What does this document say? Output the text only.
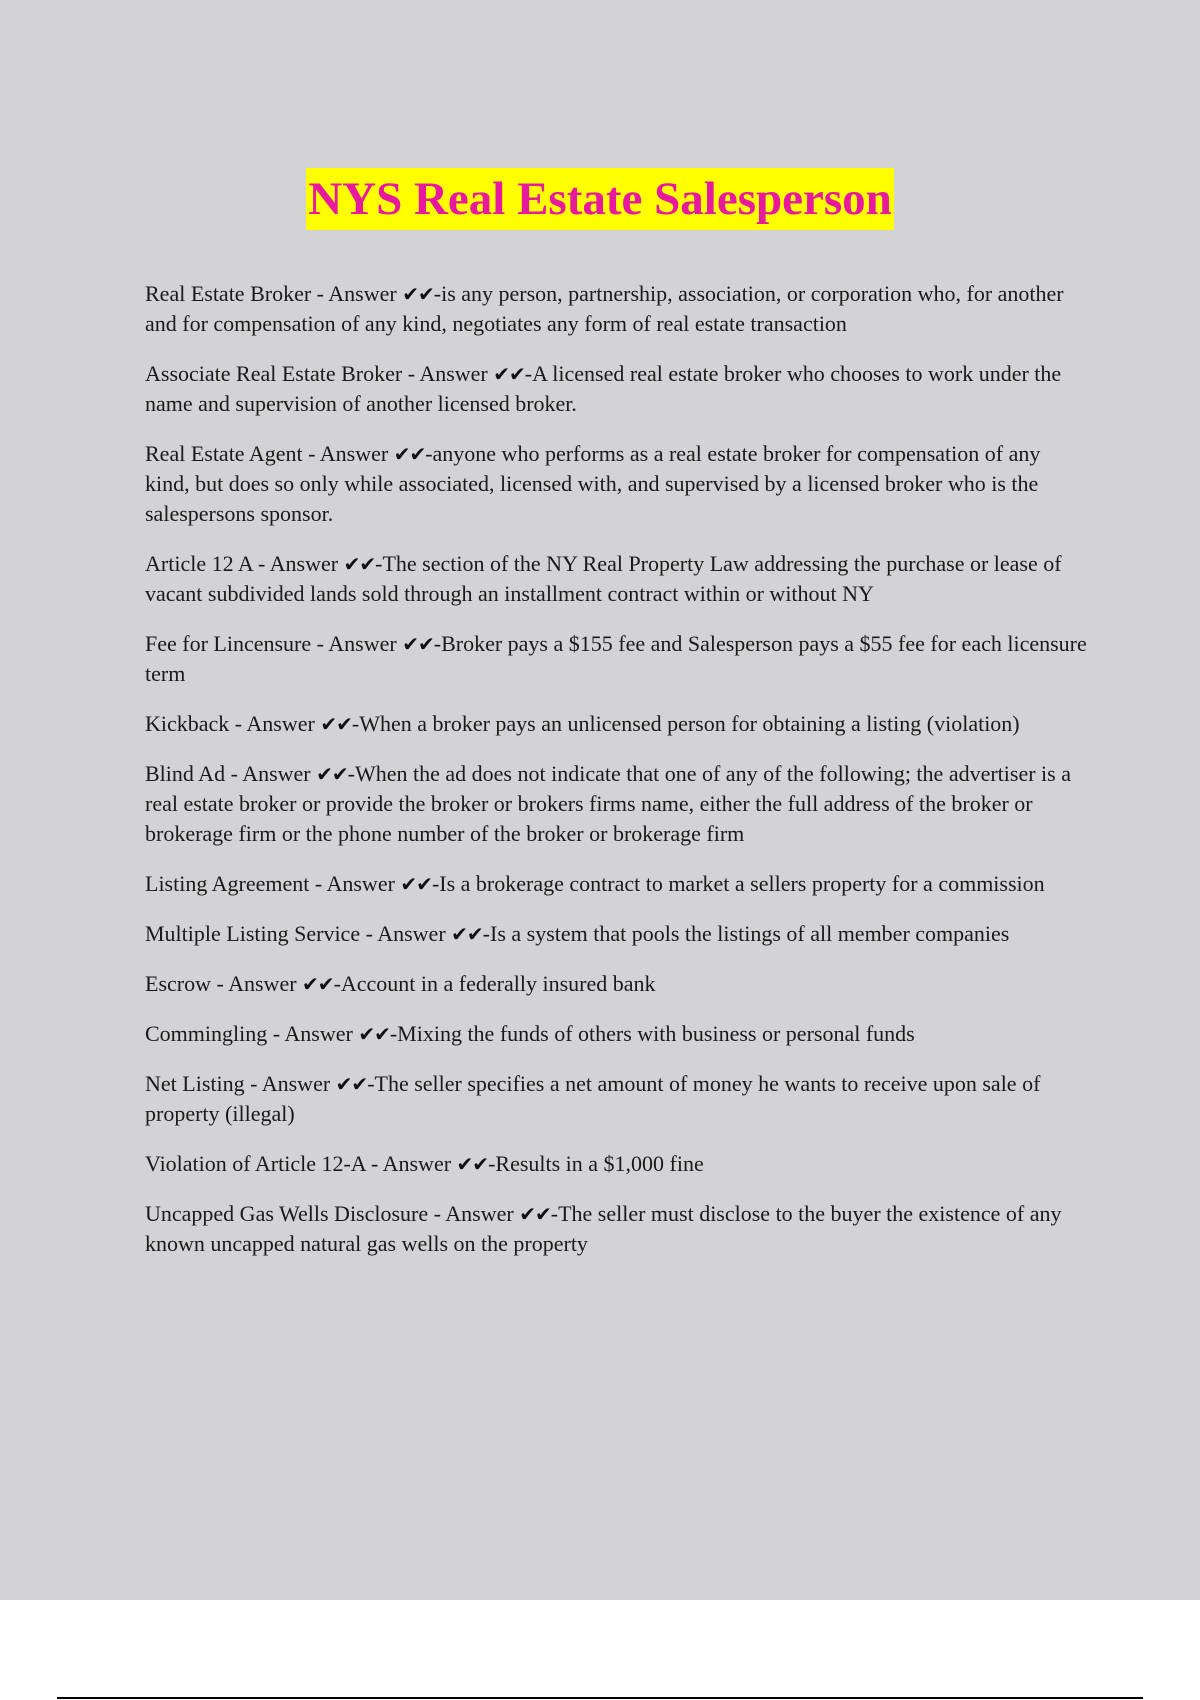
NYS Real Estate Salesperson
Real Estate Broker - Answer ✔✔-is any person, partnership, association, or corporation who, for another and for compensation of any kind, negotiates any form of real estate transaction
Associate Real Estate Broker - Answer ✔✔-A licensed real estate broker who chooses to work under the name and supervision of another licensed broker.
Real Estate Agent - Answer ✔✔-anyone who performs as a real estate broker for compensation of any kind, but does so only while associated, licensed with, and supervised by a licensed broker who is the salespersons sponsor.
Article 12 A - Answer ✔✔-The section of the NY Real Property Law addressing the purchase or lease of vacant subdivided lands sold through an installment contract within or without NY
Fee for Lincensure - Answer ✔✔-Broker pays a $155 fee and Salesperson pays a $55 fee for each licensure term
Kickback - Answer ✔✔-When a broker pays an unlicensed person for obtaining a listing (violation)
Blind Ad - Answer ✔✔-When the ad does not indicate that one of any of the following; the advertiser is a real estate broker or provide the broker or brokers firms name, either the full address of the broker or brokerage firm or the phone number of the broker or brokerage firm
Listing Agreement - Answer ✔✔-Is a brokerage contract to market a sellers property for a commission
Multiple Listing Service - Answer ✔✔-Is a system that pools the listings of all member companies
Escrow - Answer ✔✔-Account in a federally insured bank
Commingling - Answer ✔✔-Mixing the funds of others with business or personal funds
Net Listing - Answer ✔✔-The seller specifies a net amount of money he wants to receive upon sale of property (illegal)
Violation of Article 12-A - Answer ✔✔-Results in a $1,000 fine
Uncapped Gas Wells Disclosure - Answer ✔✔-The seller must disclose to the buyer the existence of any known uncapped natural gas wells on the property
